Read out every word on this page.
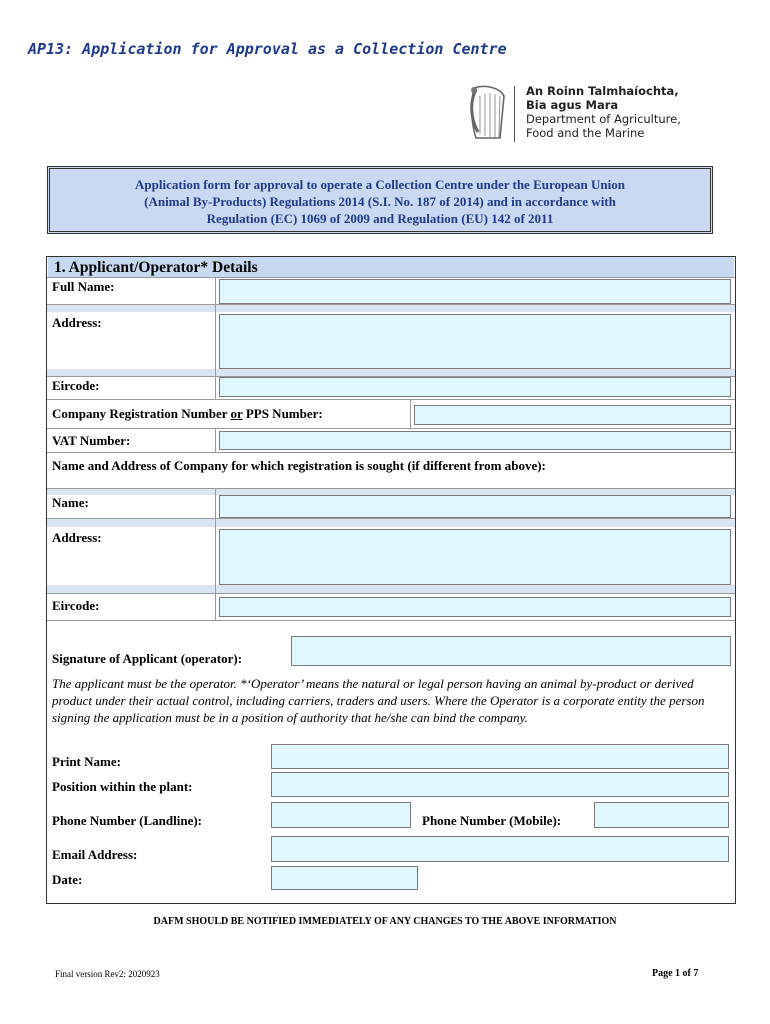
AP13: Application for Approval as a Collection Centre
An Roinn Talmhaíochta,
Bia agus Mara
Department of Agriculture,
Food and the Marine
Application form for approval to operate a Collection Centre under the European Union
(Animal By-Products) Regulations 2014 (S.I. No. 187 of 2014) and in accordance with
Regulation (EC) 1069 of 2009 and Regulation (EU) 142 of 2011
1. Applicant/Operator* Details
Full Name:
Address:
Eircode:
Company Registration Number or PPS Number:
VAT Number:
Name and Address of Company for which registration is sought (if different from above):
Name:
Address:
Eircode:
Signature of Applicant (operator):
The applicant must be the operator. *‘Operator’ means the natural or legal person having an animal by-product or derived product under their actual control, including carriers, traders and users. Where the Operator is a corporate entity the person signing the application must be in a position of authority that he/she can bind the company.
Print Name:
Position within the plant:
Phone Number (Landline):	Phone Number (Mobile):
Email Address:
Date:
DAFM SHOULD BE NOTIFIED IMMEDIATELY OF ANY CHANGES TO THE ABOVE INFORMATION
Final version Rev2: 2020923	Page 1 of 7
